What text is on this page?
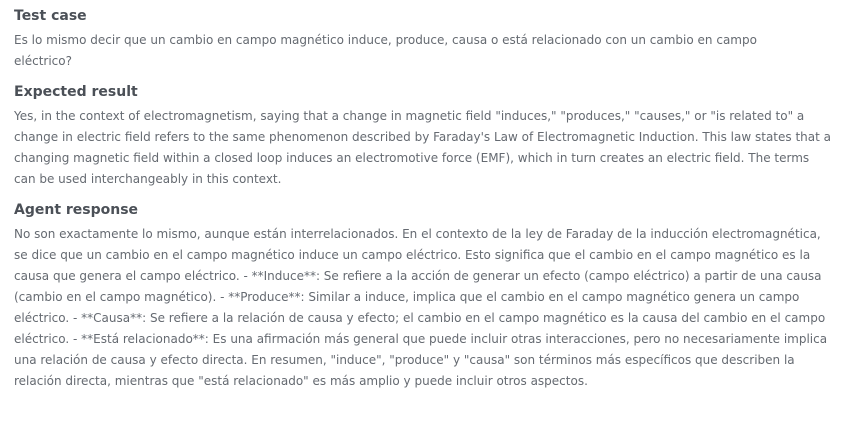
Test case

Es lo mismo decir que un cambio en campo magnético induce, produce, causa o está relacionado con un cambio en campo eléctrico?

Expected result

Yes, in the context of electromagnetism, saying that a change in magnetic field "induces," "produces," "causes," or "is related to" a change in electric field refers to the same phenomenon described by Faraday's Law of Electromagnetic Induction. This law states that a changing magnetic field within a closed loop induces an electromotive force (EMF), which in turn creates an electric field. The terms can be used interchangeably in this context.

Agent response

No son exactamente lo mismo, aunque están interrelacionados. En el contexto de la ley de Faraday de la inducción electromagnética, se dice que un cambio en el campo magnético induce un campo eléctrico. Esto significa que el cambio en el campo magnético es la causa que genera el campo eléctrico. - **Induce**: Se refiere a la acción de generar un efecto (campo eléctrico) a partir de una causa (cambio en el campo magnético). - **Produce**: Similar a induce, implica que el cambio en el campo magnético genera un campo eléctrico. - **Causa**: Se refiere a la relación de causa y efecto; el cambio en el campo magnético es la causa del cambio en el campo eléctrico. - **Está relacionado**: Es una afirmación más general que puede incluir otras interacciones, pero no necesariamente implica una relación de causa y efecto directa. En resumen, "induce", "produce" y "causa" son términos más específicos que describen la relación directa, mientras que "está relacionado" es más amplio y puede incluir otros aspectos.
